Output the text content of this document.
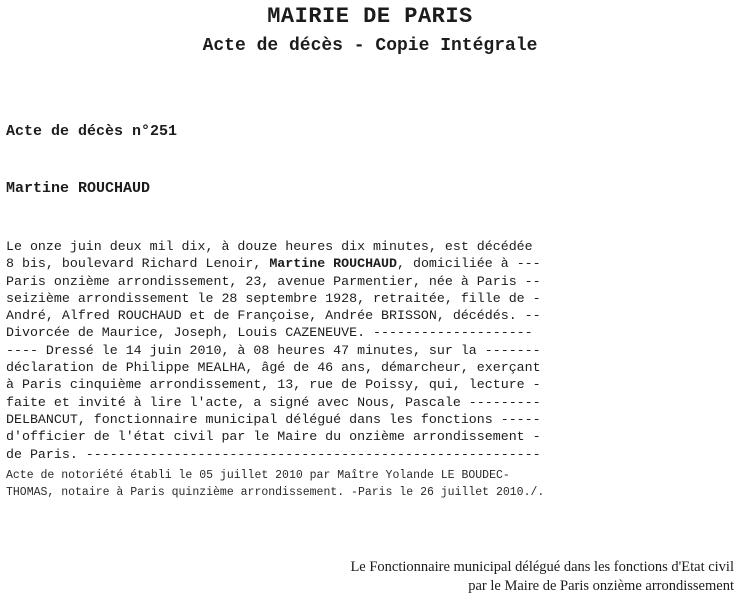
MAIRIE DE PARIS
Acte de décès - Copie Intégrale
Acte de décès n°251
Martine ROUCHAUD
Le onze juin deux mil dix, à douze heures dix minutes, est décédée
8 bis, boulevard Richard Lenoir, Martine ROUCHAUD, domiciliée à ---
Paris onzième arrondissement, 23, avenue Parmentier, née à Paris --
seizième arrondissement le 28 septembre 1928, retraitée, fille de -
André, Alfred ROUCHAUD et de Françoise, Andrée BRISSON, décédés. --
Divorcée de Maurice, Joseph, Louis CAZENEUVE. --------------------
---- Dressé le 14 juin 2010, à 08 heures 47 minutes, sur la -------
déclaration de Philippe MEALHA, âgé de 46 ans, démarcheur, exerçant
à Paris cinquième arrondissement, 13, rue de Poissy, qui, lecture -
faite et invité à lire l'acte, a signé avec Nous, Pascale ---------
DELBANCUT, fonctionnaire municipal délégué dans les fonctions -----
d'officier de l'état civil par le Maire du onzième arrondissement -
de Paris. ---------------------------------------------------------
Acte de notoriété établi le 05 juillet 2010 par Maître Yolande LE BOUDEC-
THOMAS, notaire à Paris quinzième arrondissement. -Paris le 26 juillet 2010./.
Le Fonctionnaire municipal délégué dans les fonctions d'Etat civil
par le Maire de Paris onzième arrondissement
